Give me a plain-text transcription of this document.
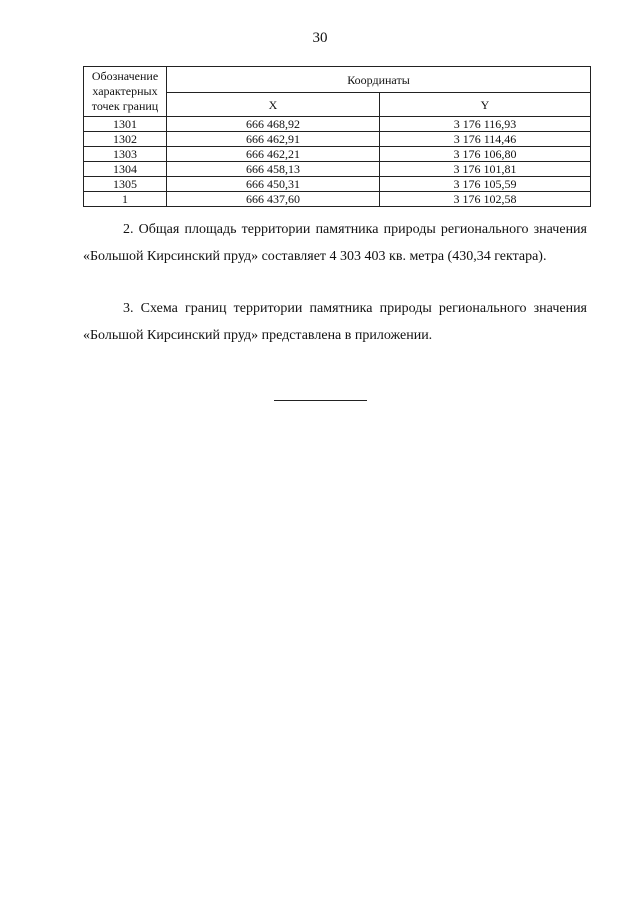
30
Обозначение характерных точек границ	Координаты	
	X	Y
1301	666 468,92	3 176 116,93
1302	666 462,91	3 176 114,46
1303	666 462,21	3 176 106,80
1304	666 458,13	3 176 101,81
1305	666 450,31	3 176 105,59
1	666 437,60	3 176 102,58

2. Общая площадь территории памятника природы регионального значения «Большой Кирсинский пруд» составляет 4 303 403 кв. метра (430,34 гектара).

3. Схема границ территории памятника природы регионального значения «Большой Кирсинский пруд» представлена в приложении.
